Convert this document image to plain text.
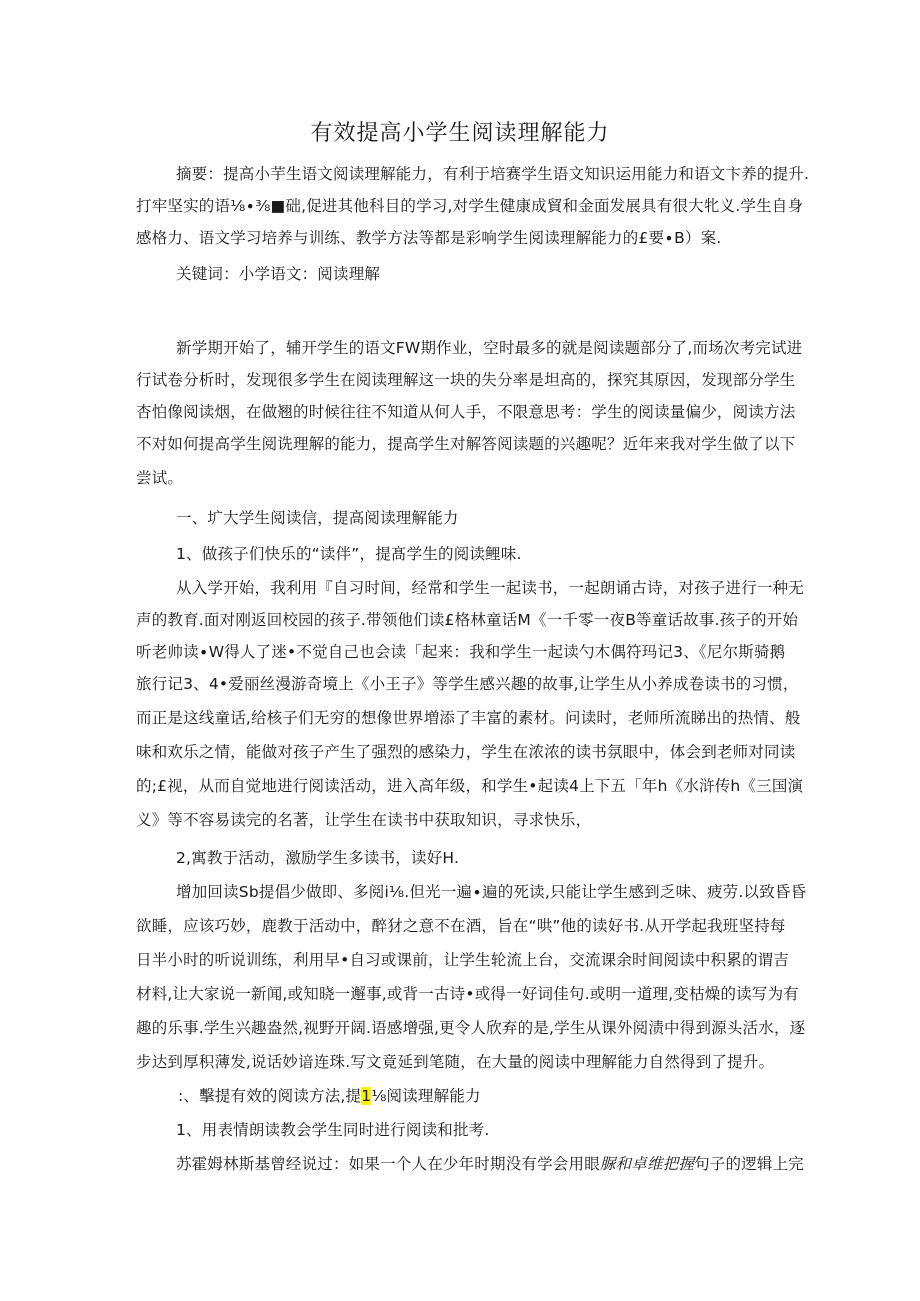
有效提高小学生阅读理解能力
摘要：提高小芋生语文阅读理解能力，有利于培赛学生语文知识运用能力和语文卞养的提升.
打牢坚实的语⅛∙⅜■础,促进其他科目的学习,对学生健康成貿和金面发展具有很大牝义.学生自身
感格力、语文学习培养与训练、教学方法等都是彩响学生阅读理解能力的£要∙B）案.
关键词：小学语文：阅读理解
新学期开始了，辅开学生的语文FW期作业，空时最多的就是阅读题部分了,而场次考完试进
行试卷分析时，发现很多学生在阅读理解这一块的失分率是坦高的，探究其原因，发现部分学生
杏怕像阅读烟，在做翘的时候往往不知道从何人手，不限意思考：学生的阅读量偏少，阅读方法
不对如何提高学生阅诜理解的能力，提高学生对解答阅读题的兴趣呢？近年来我对学生做了以下
尝试。
一、圹大学生阅读信，提高阅读理解能力
1、做孩子们快乐的“读伴”，提髙学生的阅读鲤味.
从入学开始，我利用『自习时间，经常和学生一起读书，一起朗诵古诗，对孩子进行一种无
声的教育.面对刚返回校园的孩子.带领他们读£格林童话M《一千零一夜B等童话故事.孩子的开始
听老帅读∙W得人了迷•不觉自己也会读「起来：我和学生一起读勺木偶符玛记3、《尼尔斯骑鹅
旅行记3、4•爱丽丝漫游奇境上《小王子》等学生感兴趣的故事,让学生从小养成卷读书的习惯，
而正是这线童话,给核子们无穷的想像世界増添了丰富的素材。问读时，老师所流睇出的热情、般
味和欢乐之情，能做对孩子产生了强烈的感染力，学生在浓浓的读书氛眼中，体会到老师对同读
的;£视，从而自觉地进行阅读活动，进入高年级，和学生•起读4上下五「年h《水浒传h《三国演
义》等不容易读完的名著，让学生在读书中获取知识，寻求快乐，
2,寓教于活动，激励学生多读书，读好H.
增加回读Sb提倡少做即、多阅i⅛.但光一遍∙遍的死读,只能让学生感到乏味、疲劳.以致昏昏
欲睡，应该巧妙，鹿教于活动中，醉犲之意不在酒，旨在“哄”他的读好书.从开学起我班坚持每
日半小时的听说训练，利用早•自习或课前，让学生轮流上台，交流课余时间阅读中积累的谓吉
材料,让大家说一新闻,或知晓一邂事,或背一古诗•或得一好词佳句.或明一道理,变枯燥的读写为有
趣的乐事.学生兴趣盎然,视野开阔.语感增强,更令人欣弃的是,学生从课外阅渍中得到源头活水，逐
步达到厚积薄发,说话妙谙连珠.写文竟延到笔随，在大量的阅读中理解能力自然得到了提升。
:、擊提有效的阅读方法,提1⅛阅读理解能力
1、用表情朗读教会学生同时进行阅读和批考.
苏霍姆林斯基曾经说过：如果一个人在少年时期没有学会用眼脲和卓维把握句子的逻辑上完
